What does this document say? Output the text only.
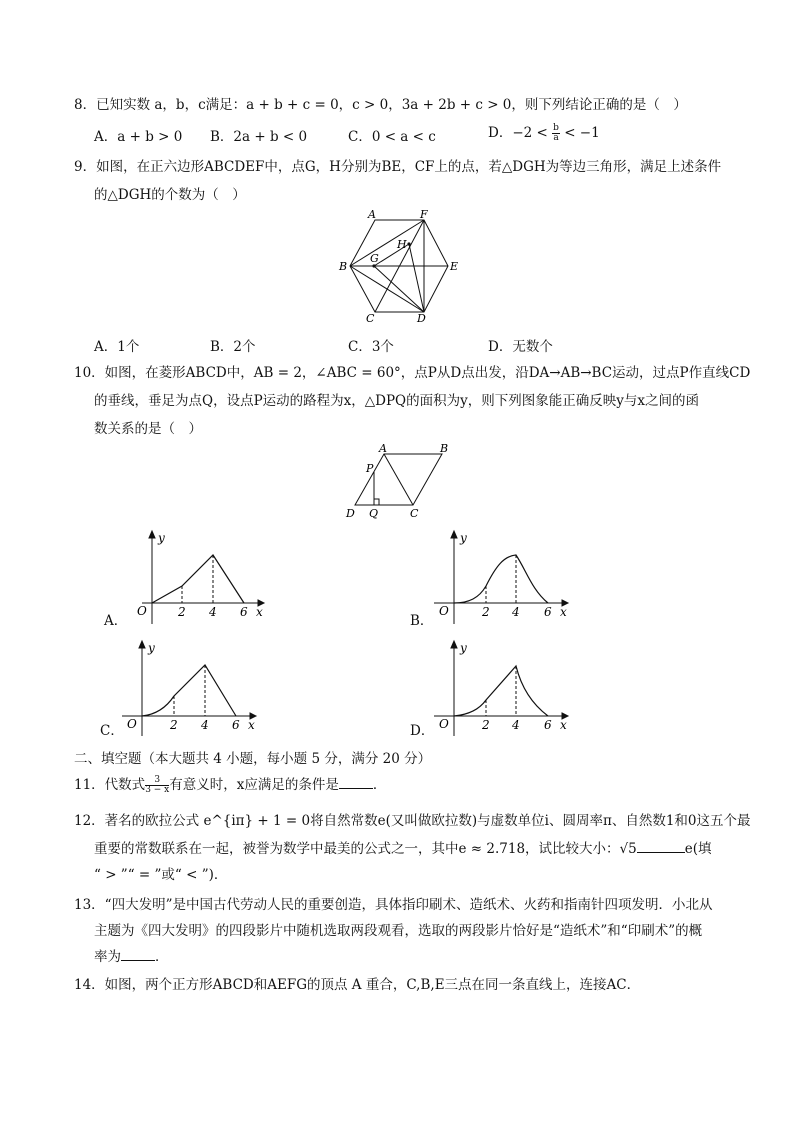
8．已知实数 a，b，c满足：a + b + c = 0，c > 0，3a + 2b + c > 0，则下列结论正确的是（　）
A．a + b > 0 B．2a + b < 0	C．0 < a < c	D．$-2 < \frac{b}{a} < -1$
9．如图，在正六边形ABCDEF中，点G，H分别为BE，CF上的点，若△DGH为等边三角形，满足上述条件
的△DGH的个数为（　）
A	F
B	E
C	D
G
H
A．1个	B．2个	C．3个	D．无数个
10．如图，在菱形ABCD中，AB = 2，∠ABC = 60°，点P从D点出发，沿DA→AB→BC运动，过点P作直线CD
的垂线，垂足为点Q，设点P运动的路程为x，△DPQ的面积为y，则下列图象能正确反映y与x之间的函
数关系的是（　）
A	B
C
D
P
Q
y
O	2 4 6 x
A．
y
O	2 4 6 x
B．
y
O	2 4 6 x
C．
y
O	2 4 6 x
D．
二、填空题（本大题共 4 小题，每小题 5 分，满分 20 分）
11．代数式 $\frac{3}{3 - x}$ 有意义时，x应满足的条件是	．
12．著名的欧拉公式 e^{iπ} + 1 = 0将自然常数e(又叫做欧拉数)与虚数单位i、圆周率π、自然数1和0这五个最
重要的常数联系在一起，被誉为数学中最美的公式之一，其中e ≈ 2.718，试比较大小：√5	e(填
“ > ”“ = ”或“ < ”)．
13．“四大发明”是中国古代劳动人民的重要创造，具体指印刷术、造纸术、火药和指南针四项发明．小北从
主题为《四大发明》的四段影片中随机选取两段观看，选取的两段影片恰好是“造纸术”和“印刷术”的概
率为	．
14．如图，两个正方形ABCD和AEFG的顶点 A 重合，C,B,E三点在同一条直线上，连接AC．
